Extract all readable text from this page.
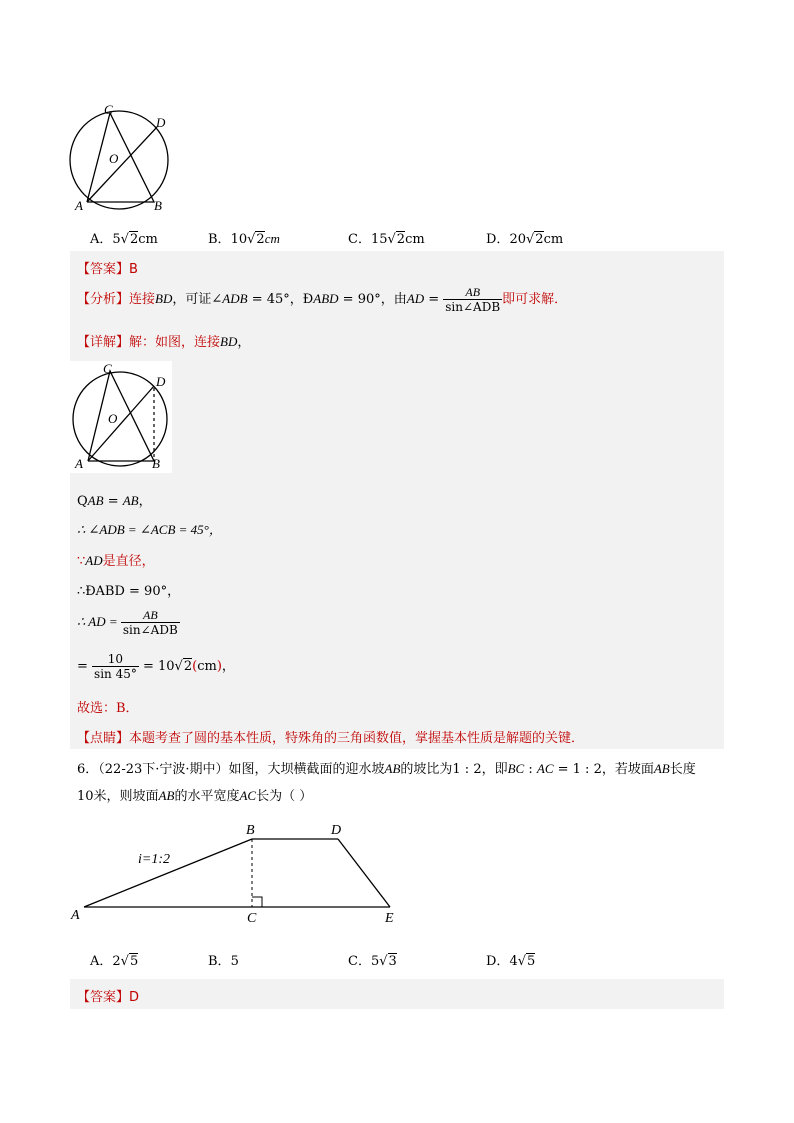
C
D
O
A	B
A．5√2cm	B．10√2cm	C．15√2cm	D．20√2cm
【答案】B
【分析】连接BD，可证∠ADB = 45°，ÐABD = 90°，由AD = $\frac{AB}{\text{sin∠ADB}}$ 即可求解．
【详解】解：如图，连接BD，
C
D
O
A	B
QAB = AB，
∴ ∠ADB = ∠ACB = 45°，
∵AD是直径，
∴ÐABD = 90°，
∴ AD = $\frac{AB}{\text{sin∠ADB}}$
= $\frac{10}{\sin 45^\circ} = 10√2(cm)$，
故选：B．
【点睛】本题考查了圆的基本性质，特殊角的三角函数值，掌握基本性质是解题的关键．
6．（22-23下·宁波·期中）如图，大坝横截面的迎水坡AB的坡比为1 : 2，即BC : AC = 1 : 2，若坡面AB长度
10米，则坡面AB的水平宽度AC长为（ ）
A
B
C
D
E
i=1:2
A．2√5	B．5	C．5√3	D．4√5
【答案】D
